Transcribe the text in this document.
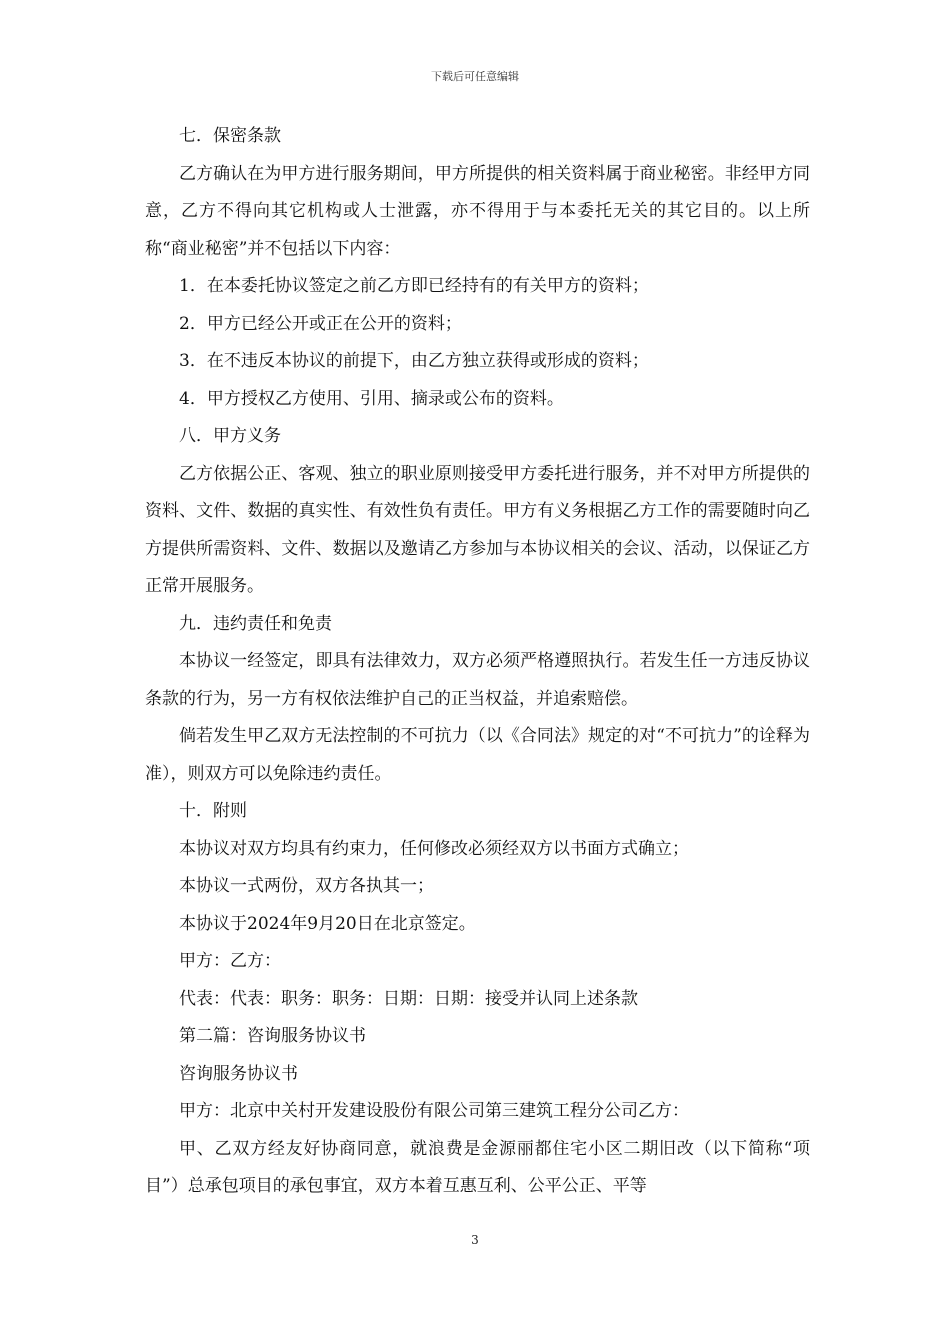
下载后可任意编辑

七．保密条款

乙方确认在为甲方进行服务期间，甲方所提供的相关资料属于商业秘密。非经甲方同意，乙方不得向其它机构或人士泄露，亦不得用于与本委托无关的其它目的。以上所称“商业秘密”并不包括以下内容：

1．在本委托协议签定之前乙方即已经持有的有关甲方的资料；

2．甲方已经公开或正在公开的资料；

3．在不违反本协议的前提下，由乙方独立获得或形成的资料；

4．甲方授权乙方使用、引用、摘录或公布的资料。

八．甲方义务

乙方依据公正、客观、独立的职业原则接受甲方委托进行服务，并不对甲方所提供的资料、文件、数据的真实性、有效性负有责任。甲方有义务根据乙方工作的需要随时向乙方提供所需资料、文件、数据以及邀请乙方参加与本协议相关的会议、活动，以保证乙方正常开展服务。

九．违约责任和免责

本协议一经签定，即具有法律效力，双方必须严格遵照执行。若发生任一方违反协议条款的行为，另一方有权依法维护自己的正当权益，并追索赔偿。

倘若发生甲乙双方无法控制的不可抗力（以《合同法》规定的对“不可抗力”的诠释为准），则双方可以免除违约责任。

十．附则

本协议对双方均具有约束力，任何修改必须经双方以书面方式确立；

本协议一式两份，双方各执其一；

本协议于2024年9月20日在北京签定。

甲方：乙方：

代表：代表：职务：职务：日期：日期：接受并认同上述条款

第二篇：咨询服务协议书

咨询服务协议书

甲方：北京中关村开发建设股份有限公司第三建筑工程分公司乙方：

甲、乙双方经友好协商同意，就浪费是金源丽都住宅小区二期旧改（以下简称“项目”）总承包项目的承包事宜，双方本着互惠互利、公平公正、平等

3
